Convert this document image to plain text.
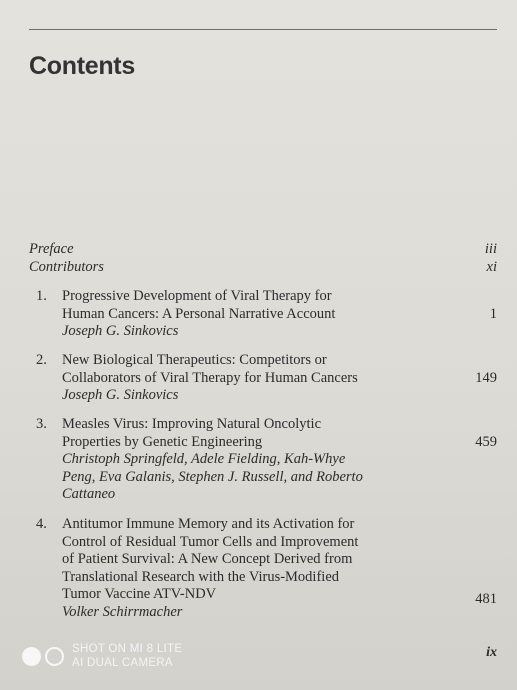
Contents
Preface	iii
Contributors	xi
1. Progressive Development of Viral Therapy for
Human Cancers: A Personal Narrative Account
Joseph G. Sinkovics
1
2. New Biological Therapeutics: Competitors or
Collaborators of Viral Therapy for Human Cancers
Joseph G. Sinkovics
149
3. Measles Virus: Improving Natural Oncolytic
Properties by Genetic Engineering
Christoph Springfeld, Adele Fielding, Kah-Whye
Peng, Eva Galanis, Stephen J. Russell, and Roberto
Cattaneo
459
4. Antitumor Immune Memory and its Activation for
Control of Residual Tumor Cells and Improvement
of Patient Survival: A New Concept Derived from
Translational Research with the Virus-Modified
Tumor Vaccine ATV-NDV
Volker Schirrmacher
481
ix
SHOT ON MI 8 LITE
AI DUAL CAMERA
